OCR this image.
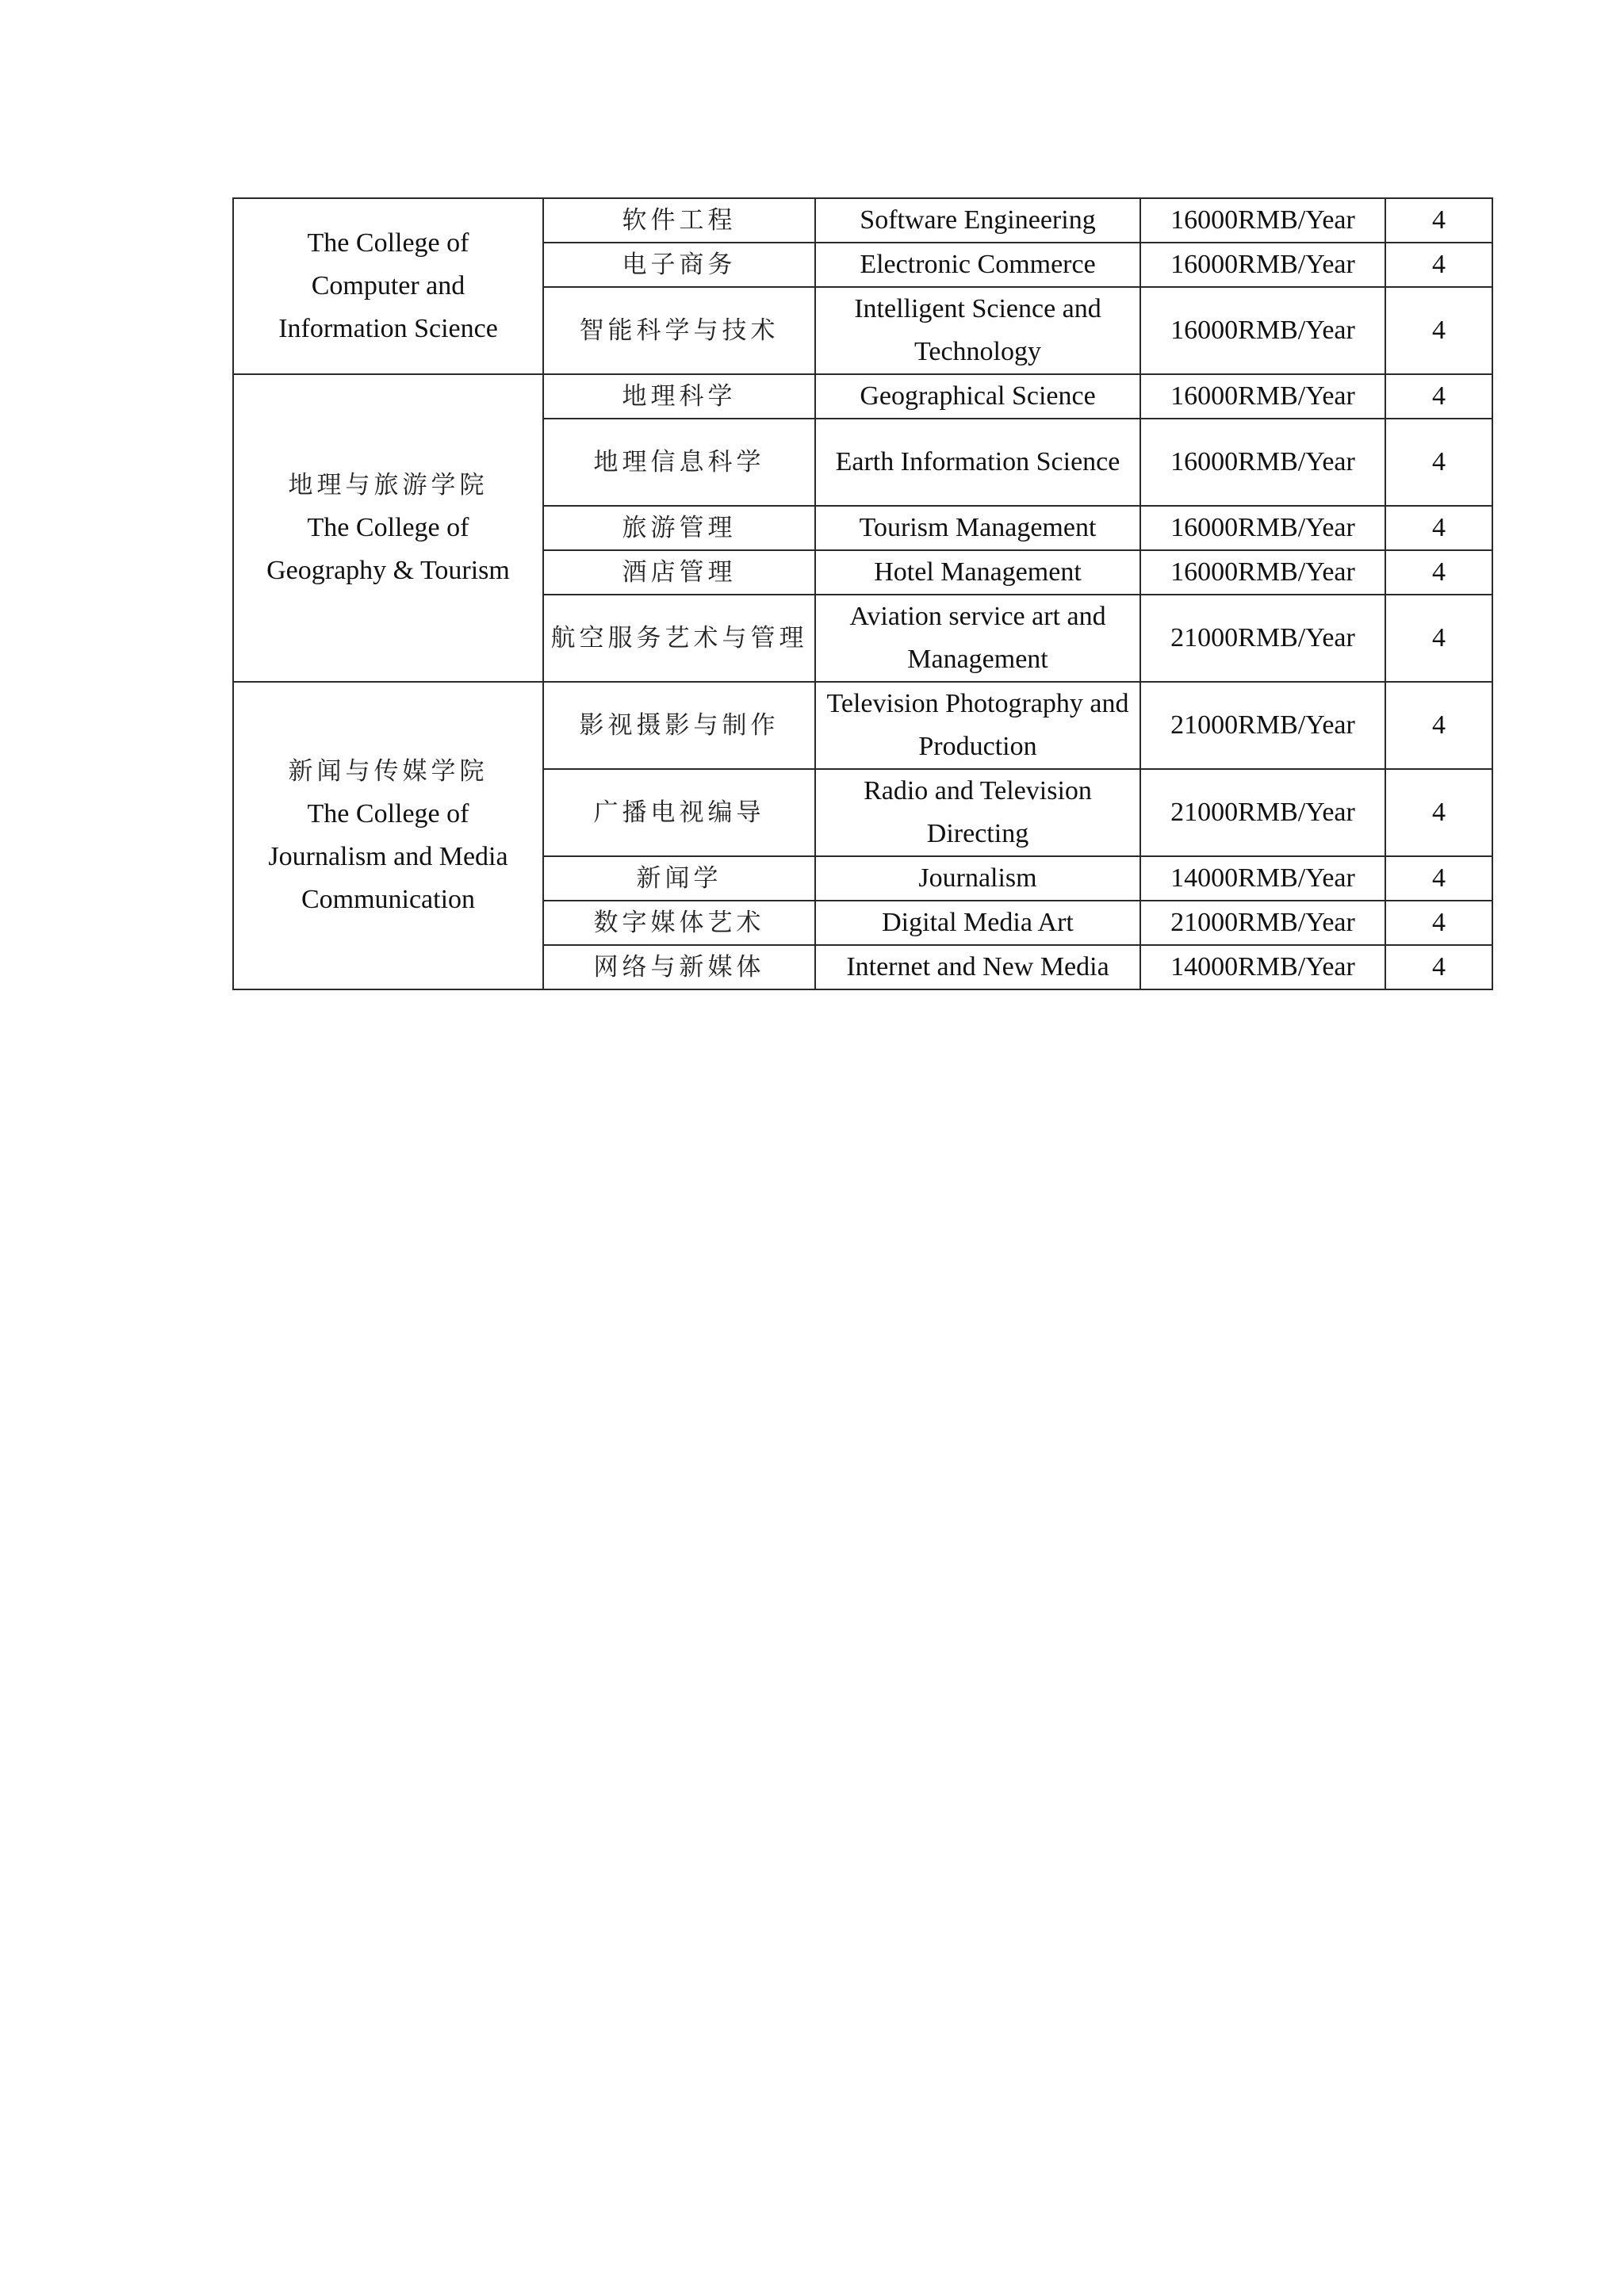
The College of
Computer and
Information Science	软件工程	Software Engineering	16000RMB/Year	4
	电子商务	Electronic Commerce	16000RMB/Year	4
	智能科学与技术	Intelligent Science and Technology	16000RMB/Year	4

地理与旅游学院
The College of
Geography & Tourism	地理科学	Geographical Science	16000RMB/Year	4
	地理信息科学	Earth Information Science	16000RMB/Year	4
	旅游管理	Tourism Management	16000RMB/Year	4
	酒店管理	Hotel Management	16000RMB/Year	4
	航空服务艺术与管理	Aviation service art and Management	21000RMB/Year	4

新闻与传媒学院
The College of
Journalism and Media
Communication	影视摄影与制作	Television Photography and Production	21000RMB/Year	4
	广播电视编导	Radio and Television Directing	21000RMB/Year	4
	新闻学	Journalism	14000RMB/Year	4
	数字媒体艺术	Digital Media Art	21000RMB/Year	4
	网络与新媒体	Internet and New Media	14000RMB/Year	4
